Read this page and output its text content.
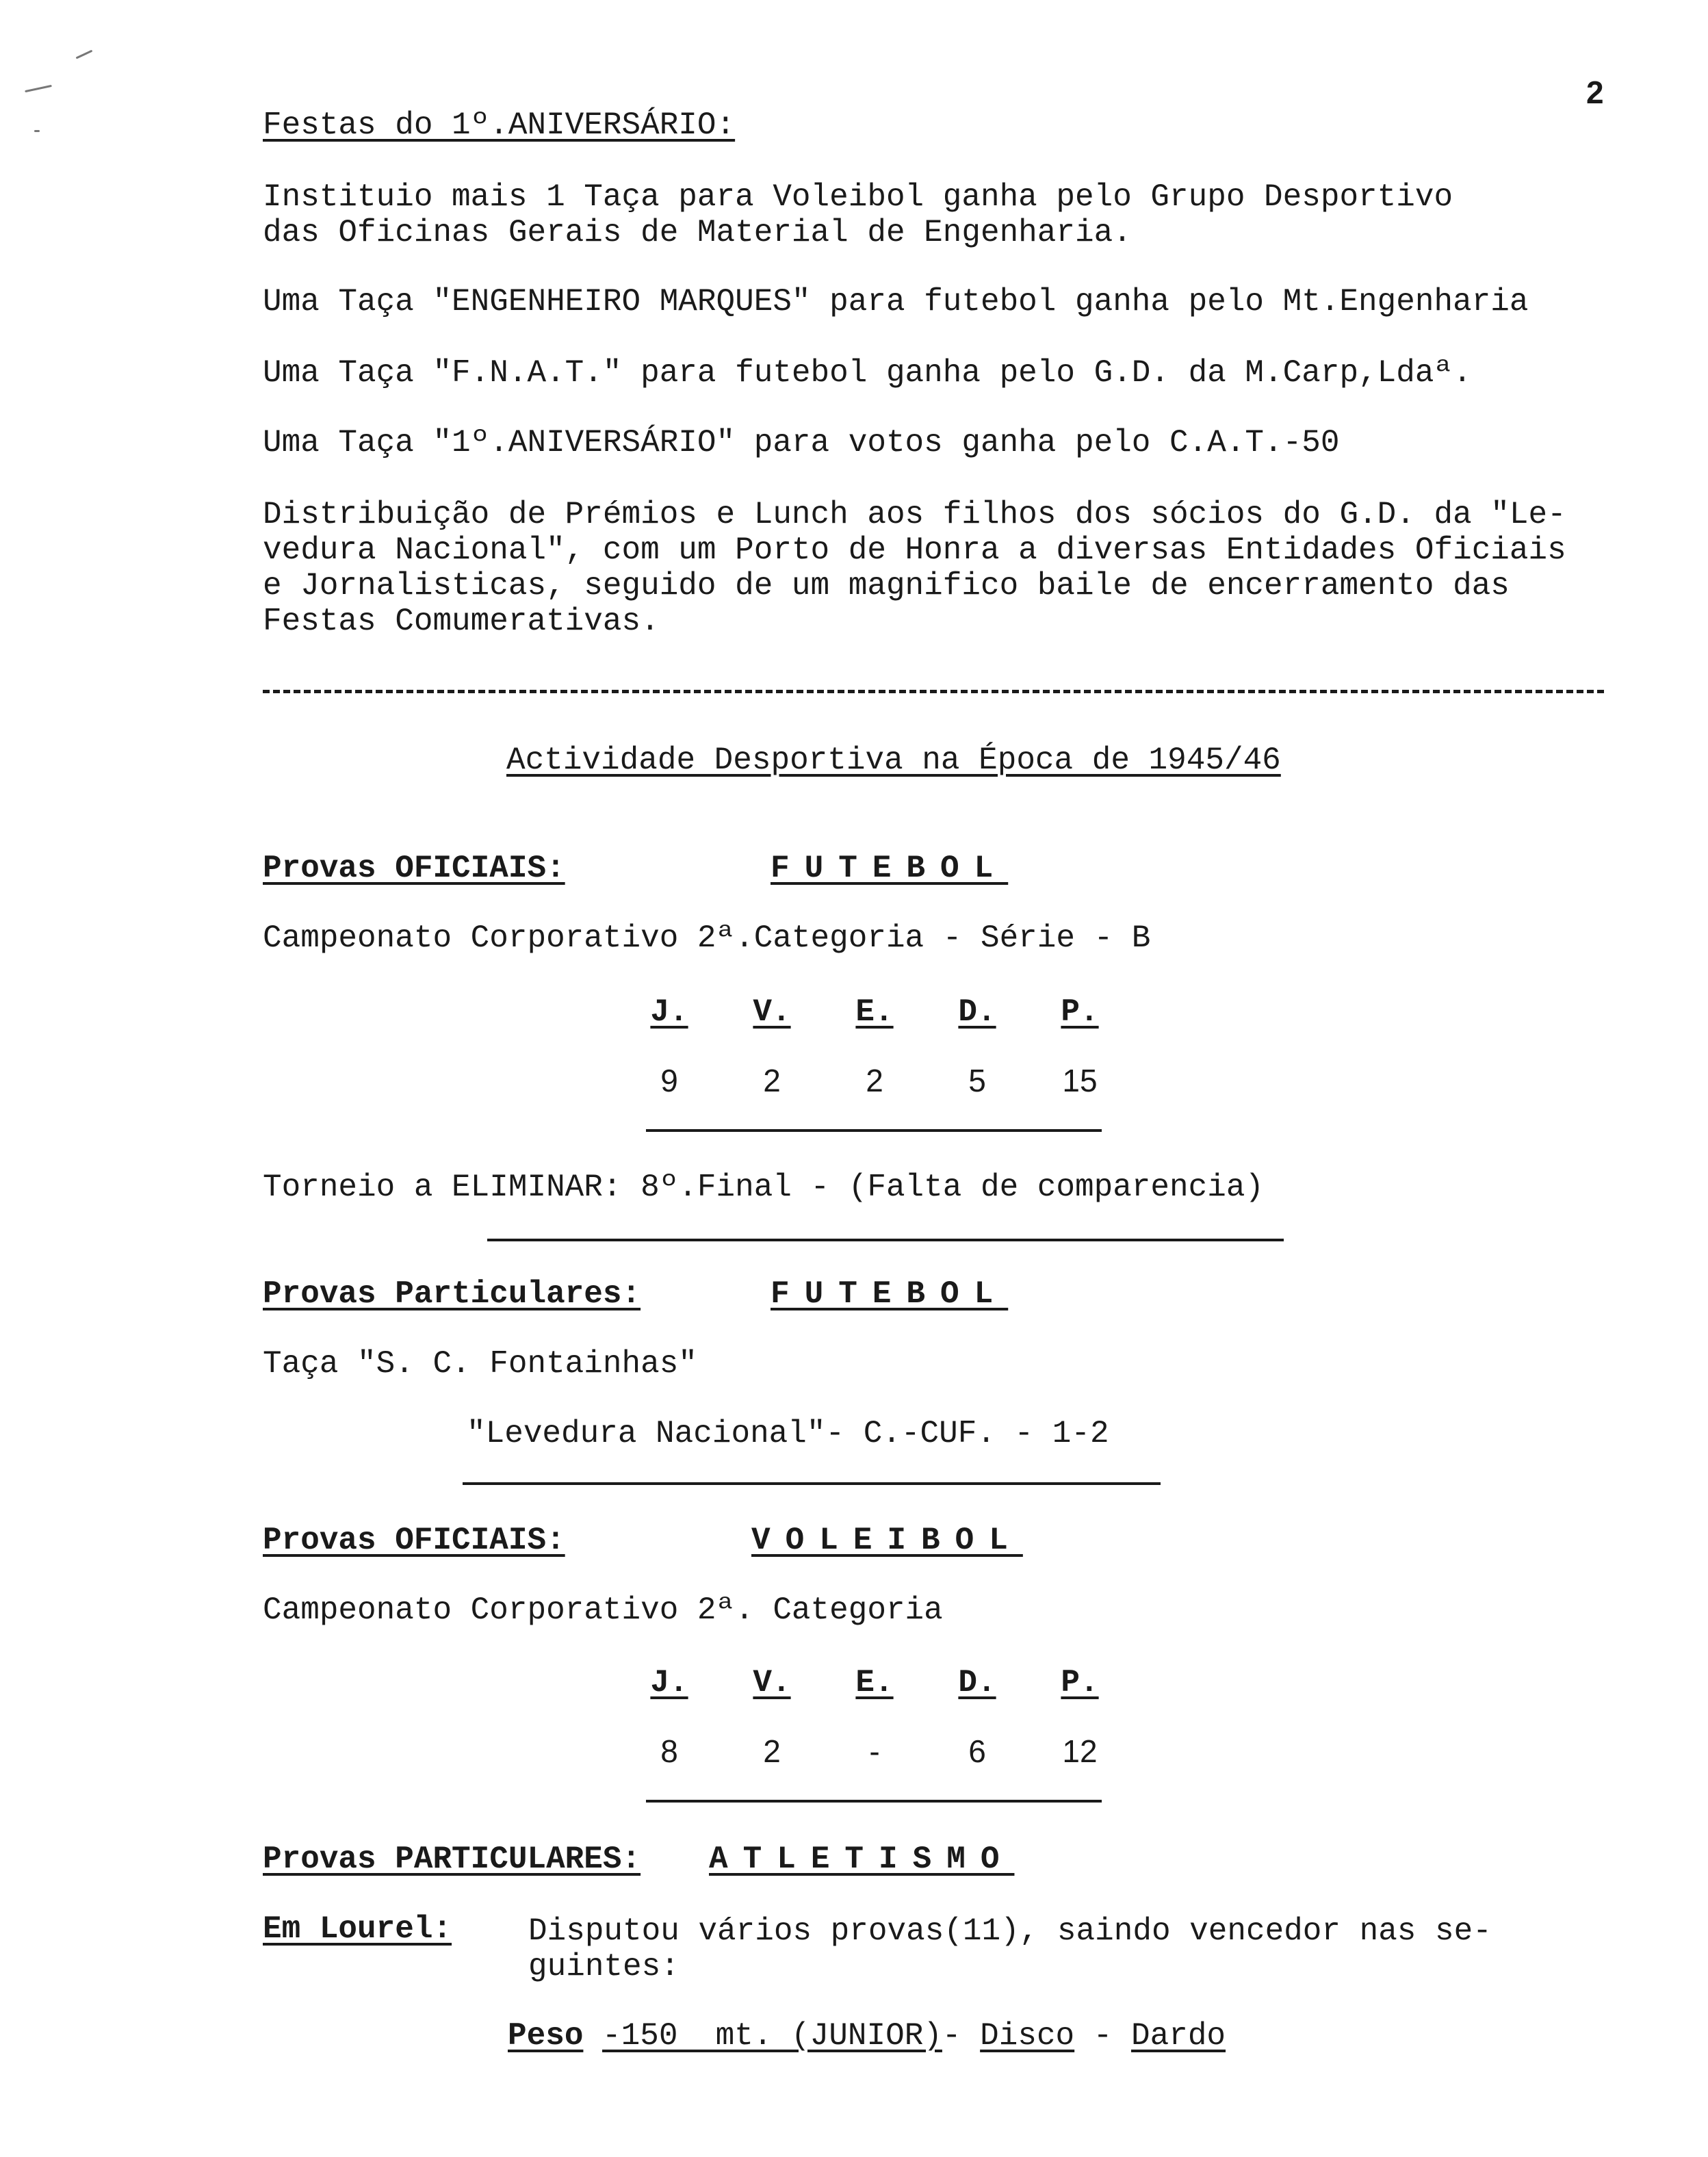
2
Festas do 1º.ANIVERSÁRIO:
Instituio mais 1 Taça para Voleibol ganha pelo Grupo Desportivo
das Oficinas Gerais de Material de Engenharia.
Uma Taça "ENGENHEIRO MARQUES" para futebol ganha pelo Mt.Engenharia
Uma Taça "F.N.A.T." para futebol ganha pelo G.D. da M.Carp,Ldaª.
Uma Taça "1º.ANIVERSÁRIO" para votos ganha pelo C.A.T.-50
Distribuição de Prémios e Lunch aos filhos dos sócios do G.D. da "Le-
vedura Nacional", com um Porto de Honra a diversas Entidades Oficiais
e Jornalisticas, seguido de um magnifico baile de encerramento das
Festas Comumerativas.
Actividade Desportiva na Época de 1945/46
Provas OFICIAIS:	FUTEBOL
Campeonato Corporativo 2ª.Categoria - Série - B
J. V. E. D. P.
9	2	2	5	15
Torneio a ELIMINAR: 8º.Final - (Falta de comparencia)
Provas Particulares:	FUTEBOL
Taça "S. C. Fontainhas"
"Levedura Nacional"- C.-CUF. - 1-2
Provas OFICIAIS:	VOLEIBOL
Campeonato Corporativo 2ª. Categoria
J. V. E. D. P.
8	2	-	6	12
Provas PARTICULARES: ATLETISMO
Em Lourel: Disputou vários provas(11), saindo vencedor nas se-
guintes:
Peso -150  mt. (JUNIOR)- Disco - Dardo
